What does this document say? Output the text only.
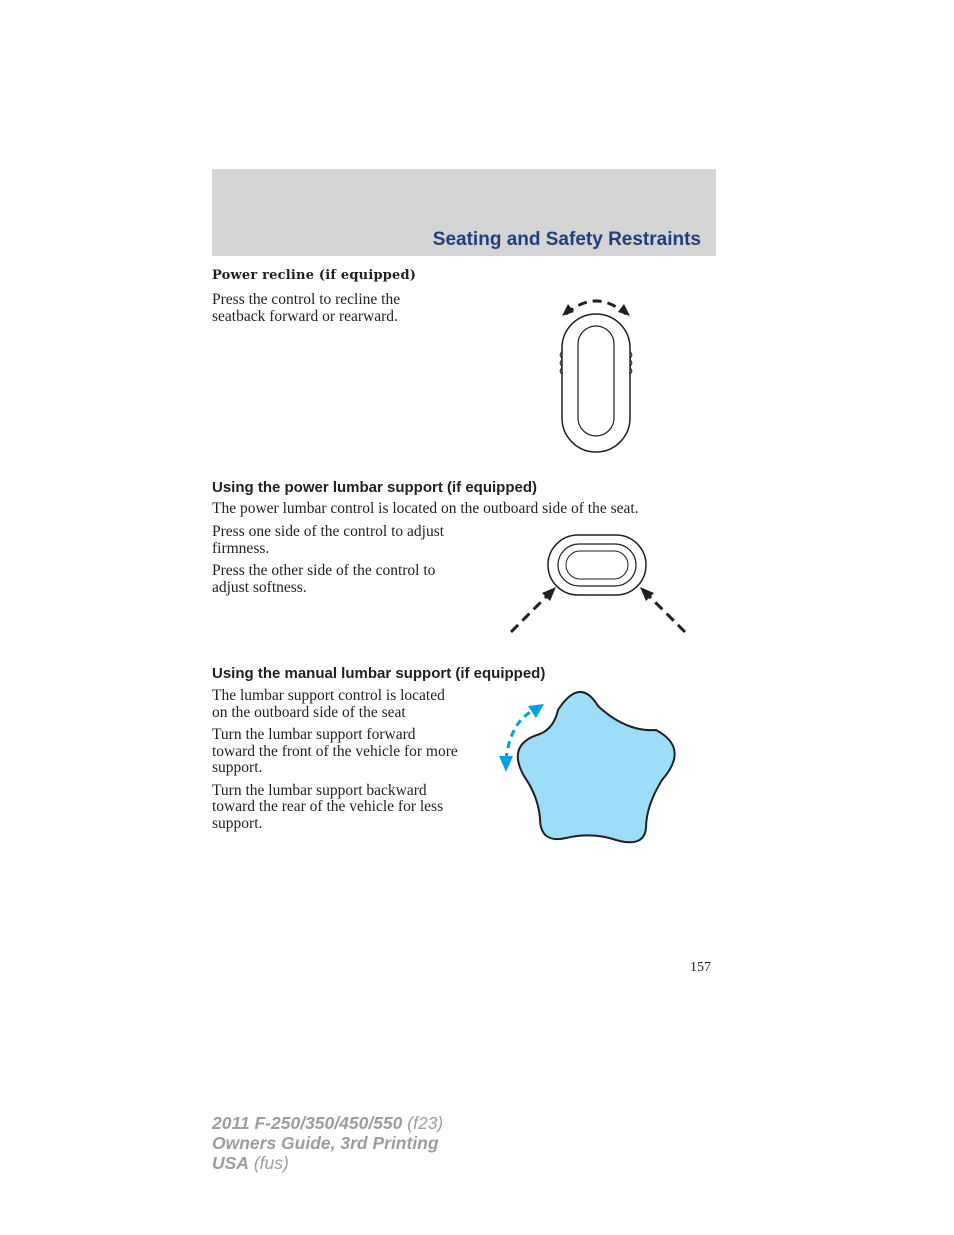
Seating and Safety Restraints
Power recline (if equipped)

Press the control to recline the seatback forward or rearward.

Using the power lumbar support (if equipped)

The power lumbar control is located on the outboard side of the seat.

Press one side of the control to adjust firmness.

Press the other side of the control to adjust softness.

Using the manual lumbar support (if equipped)

The lumbar support control is located on the outboard side of the seat

Turn the lumbar support forward toward the front of the vehicle for more support.

Turn the lumbar support backward toward the rear of the vehicle for less support.

157
2011 F-250/350/450/550 (f23)
Owners Guide, 3rd Printing
USA (fus)
